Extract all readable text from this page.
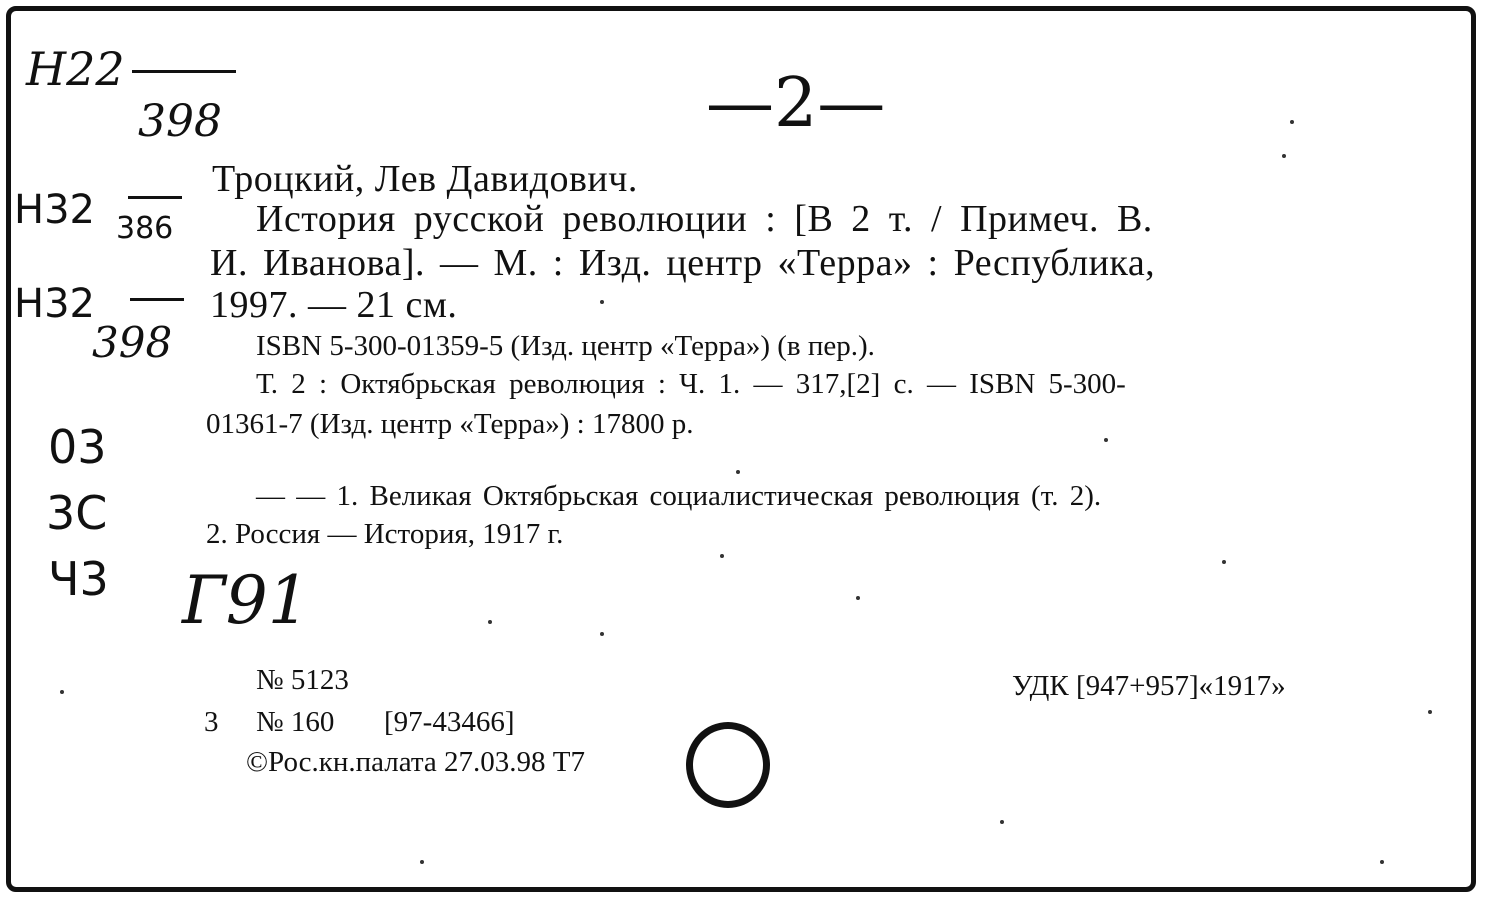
H22
398
H32 386
H32
398
03
3C
Ч3 Г91
—2—
Троцкий, Лев Давидович.
История русской революции : [В 2 т. / Примеч. В.
И. Иванова]. — М. : Изд. центр «Терра» : Республика,
1997. — 21 см.
ISBN 5-300-01359-5 (Изд. центр «Терра») (в пер.).
Т. 2 : Октябрьская революция : Ч. 1. — 317,[2] с. — ISBN 5-300-
01361-7 (Изд. центр «Терра») : 17800 р.
— — 1. Великая Октябрьская социалистическая революция (т. 2).
2. Россия — История, 1917 г.
№ 5123	УДК [947+957]«1917»
3 № 160 [97-43466]
©Рос.кн.палата 27.03.98 Т7
